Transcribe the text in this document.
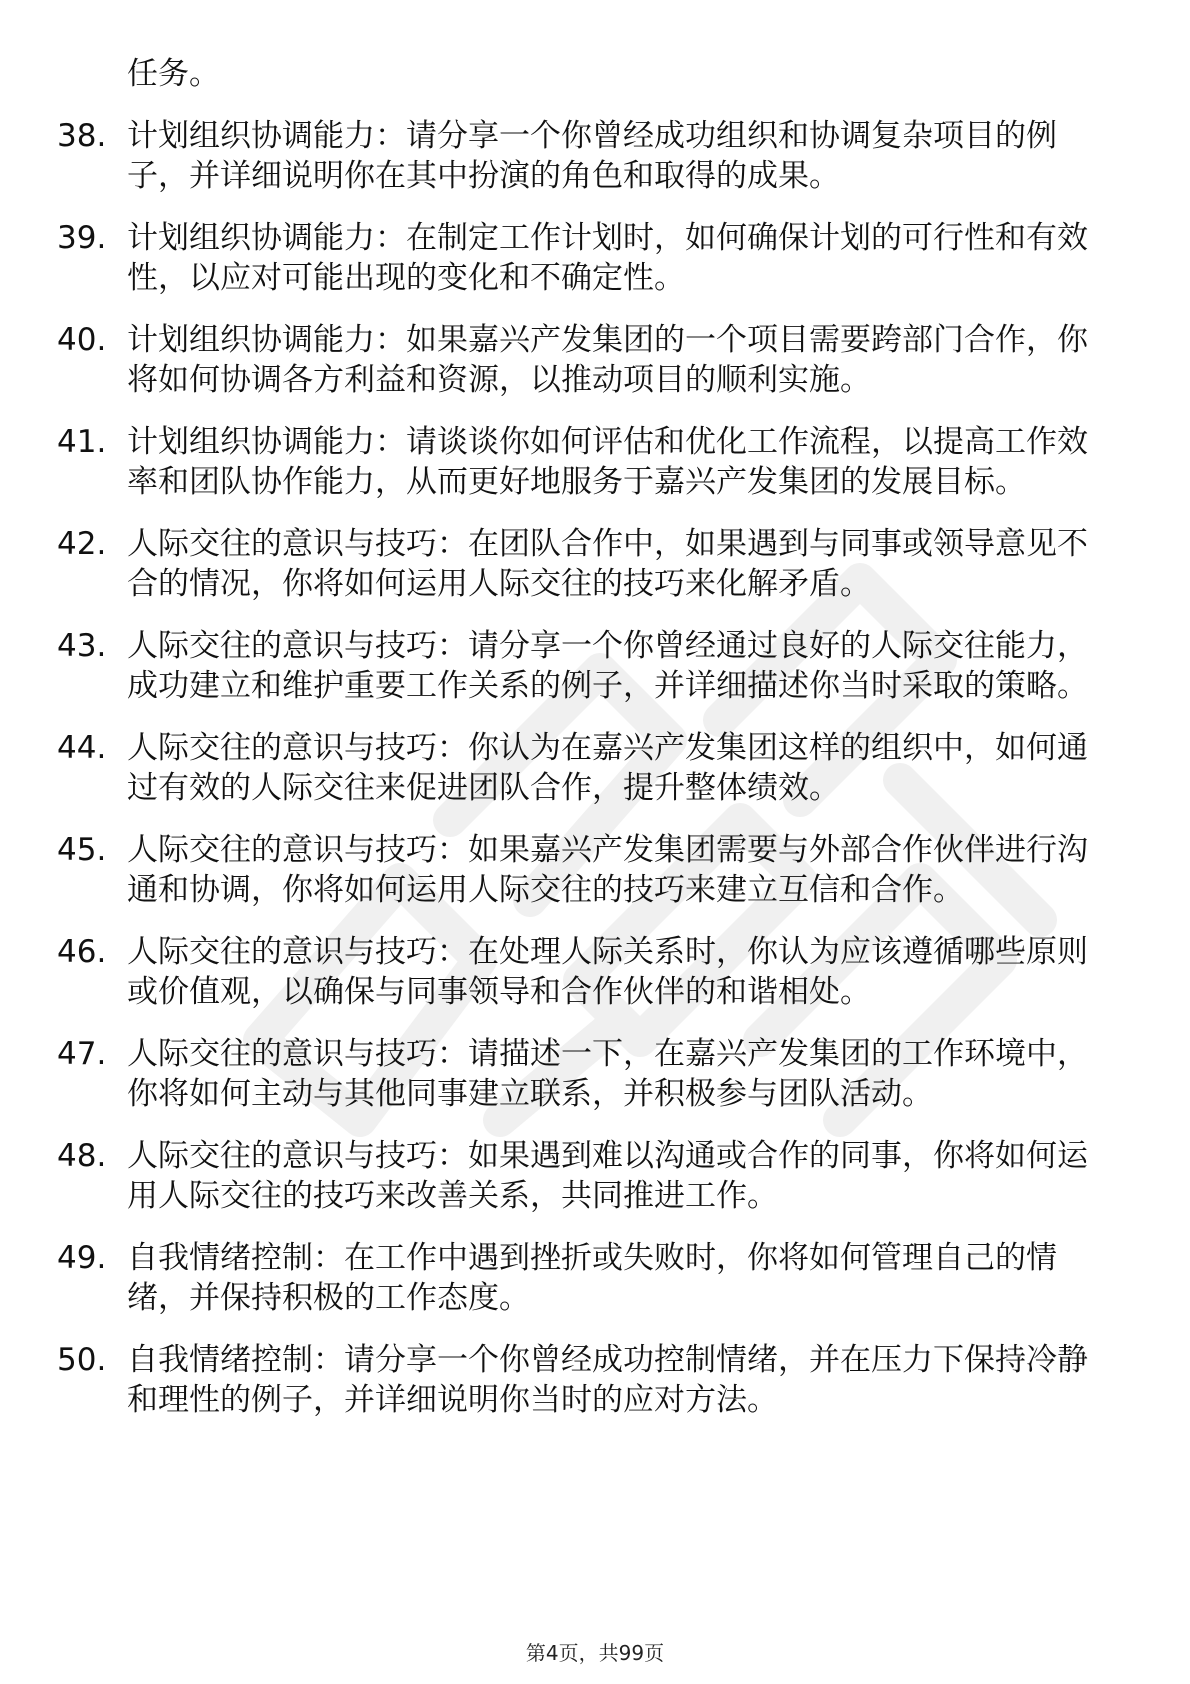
任务。
38. 计划组织协调能力：请分享一个你曾经成功组织和协调复杂项目的例子，并详细说明你在其中扮演的角色和取得的成果。
39. 计划组织协调能力：在制定工作计划时，如何确保计划的可行性和有效性，以应对可能出现的变化和不确定性。
40. 计划组织协调能力：如果嘉兴产发集团的一个项目需要跨部门合作，你将如何协调各方利益和资源，以推动项目的顺利实施。
41. 计划组织协调能力：请谈谈你如何评估和优化工作流程，以提高工作效率和团队协作能力，从而更好地服务于嘉兴产发集团的发展目标。
42. 人际交往的意识与技巧：在团队合作中，如果遇到与同事或领导意见不合的情况，你将如何运用人际交往的技巧来化解矛盾。
43. 人际交往的意识与技巧：请分享一个你曾经通过良好的人际交往能力，成功建立和维护重要工作关系的例子，并详细描述你当时采取的策略。
44. 人际交往的意识与技巧：你认为在嘉兴产发集团这样的组织中，如何通过有效的人际交往来促进团队合作，提升整体绩效。
45. 人际交往的意识与技巧：如果嘉兴产发集团需要与外部合作伙伴进行沟通和协调，你将如何运用人际交往的技巧来建立互信和合作。
46. 人际交往的意识与技巧：在处理人际关系时，你认为应该遵循哪些原则或价值观，以确保与同事领导和合作伙伴的和谐相处。
47. 人际交往的意识与技巧：请描述一下，在嘉兴产发集团的工作环境中，你将如何主动与其他同事建立联系，并积极参与团队活动。
48. 人际交往的意识与技巧：如果遇到难以沟通或合作的同事，你将如何运用人际交往的技巧来改善关系，共同推进工作。
49. 自我情绪控制：在工作中遇到挫折或失败时，你将如何管理自己的情绪，并保持积极的工作态度。
50. 自我情绪控制：请分享一个你曾经成功控制情绪，并在压力下保持冷静和理性的例子，并详细说明你当时的应对方法。
第4页，共99页
